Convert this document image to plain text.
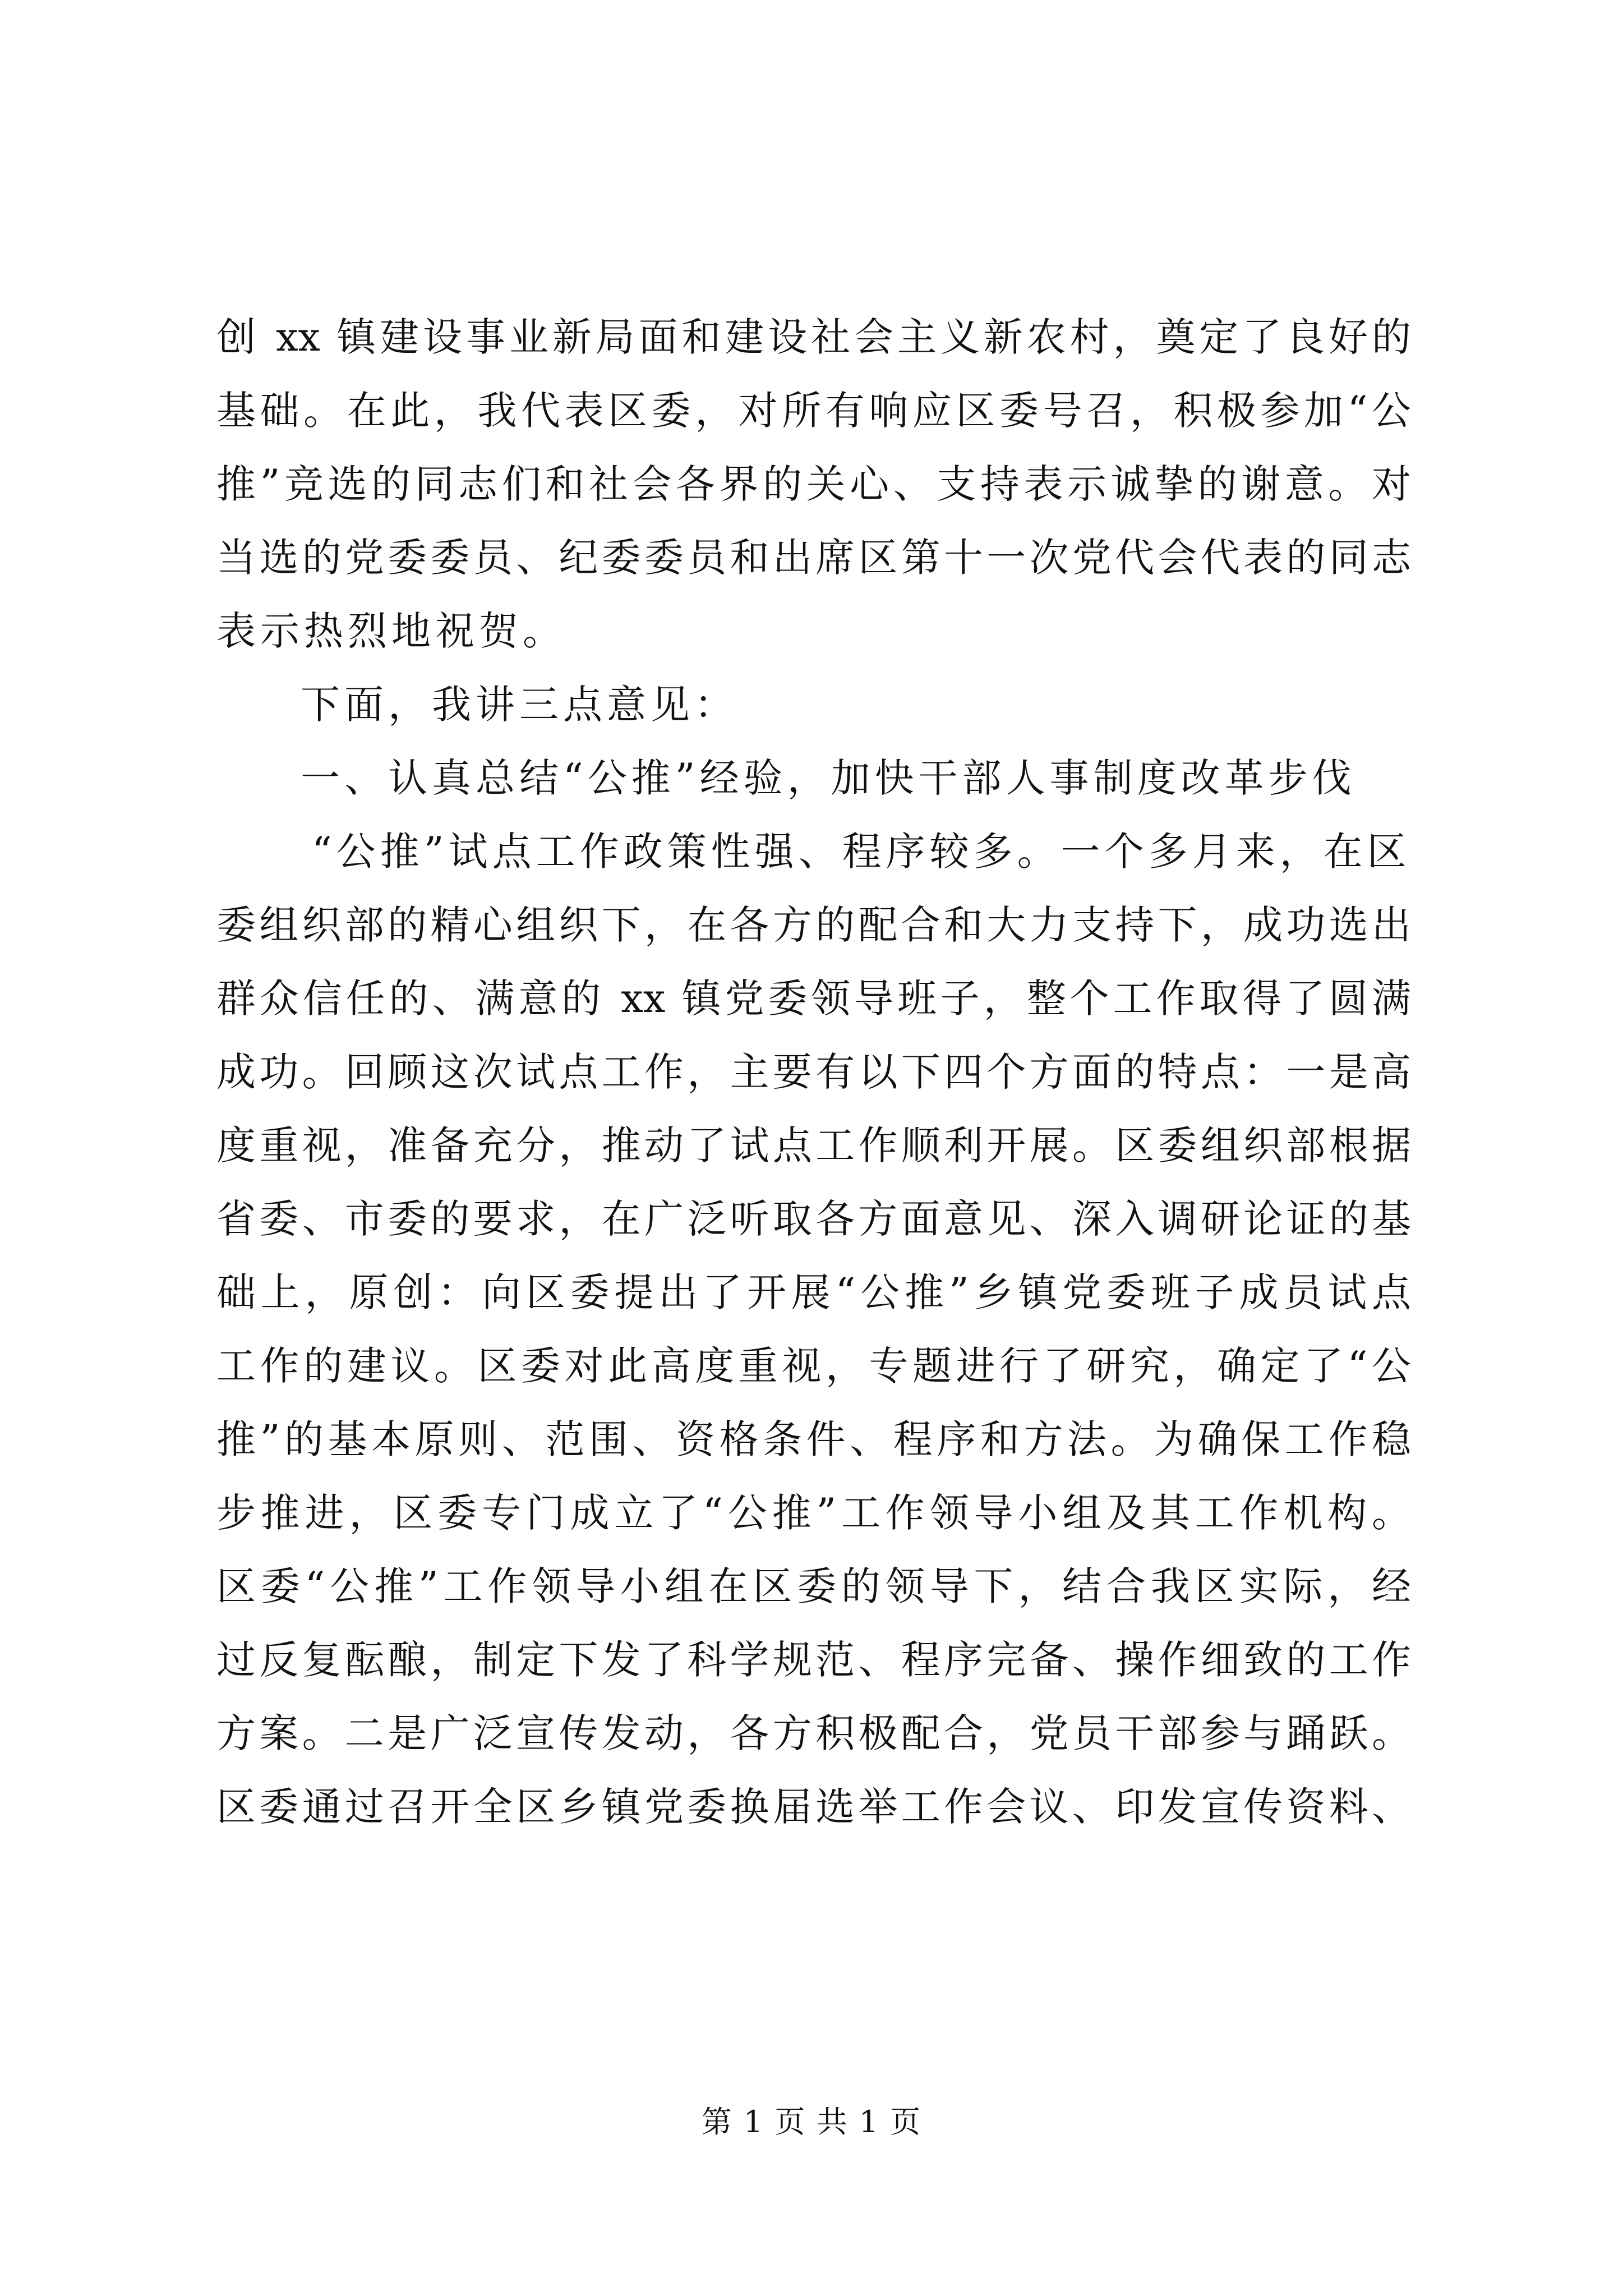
创 xx 镇建设事业新局面和建设社会主义新农村，奠定了良好的
基础。在此，我代表区委，对所有响应区委号召，积极参加“公
推”竞选的同志们和社会各界的关心、支持表示诚挚的谢意。对
当选的党委委员、纪委委员和出席区第十一次党代会代表的同志
表示热烈地祝贺。
下面，我讲三点意见：
一、认真总结“公推”经验，加快干部人事制度改革步伐
“公推”试点工作政策性强、程序较多。一个多月来，在区
委组织部的精心组织下，在各方的配合和大力支持下，成功选出
群众信任的、满意的 xx 镇党委领导班子，整个工作取得了圆满
成功。回顾这次试点工作，主要有以下四个方面的特点：一是高
度重视，准备充分，推动了试点工作顺利开展。区委组织部根据
省委、市委的要求，在广泛听取各方面意见、深入调研论证的基
础上，原创：向区委提出了开展“公推”乡镇党委班子成员试点
工作的建议。区委对此高度重视，专题进行了研究，确定了“公
推”的基本原则、范围、资格条件、程序和方法。为确保工作稳
步推进，区委专门成立了“公推”工作领导小组及其工作机构。
区委“公推”工作领导小组在区委的领导下，结合我区实际，经
过反复酝酿，制定下发了科学规范、程序完备、操作细致的工作
方案。二是广泛宣传发动，各方积极配合，党员干部参与踊跃。
区委通过召开全区乡镇党委换届选举工作会议、印发宣传资料、
第 1 页 共 1 页
